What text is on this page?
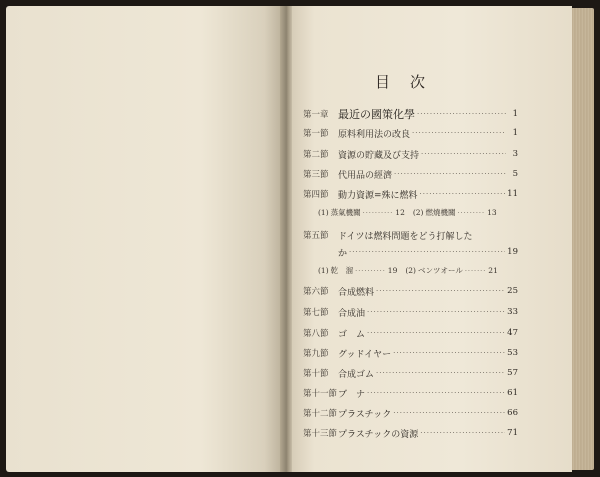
目次
第一章 最近の國策化學 ·····	1
第一節	原料利用法の改良 ·····	1
第二節	資源の貯藏及び支持 ·····	3
第三節	代用品の經濟 ·····	5
第四節	動力資源=殊に燃料 ·····	11
(1) 蒸氣機關 ·····	12 (2) 燃燒機關 ·····	13
第五節	ドイツは燃料問題をどう打解した
か ·····	19
(1) 乾　溜 ·····	19 (2) ベンツオール ·······	21
第六節	合成燃料 ·····	25
第七節	合成油 ·····	33
第八節	ゴ　ム ·····	47
第九節	グッドイヤー ·····	53
第十節	合成ゴム ·····	57
第十一節 ブ　ナ ·····	61
第十二節 プラスチック ·····	66
第十三節 プラスチックの資源 ·····	71
